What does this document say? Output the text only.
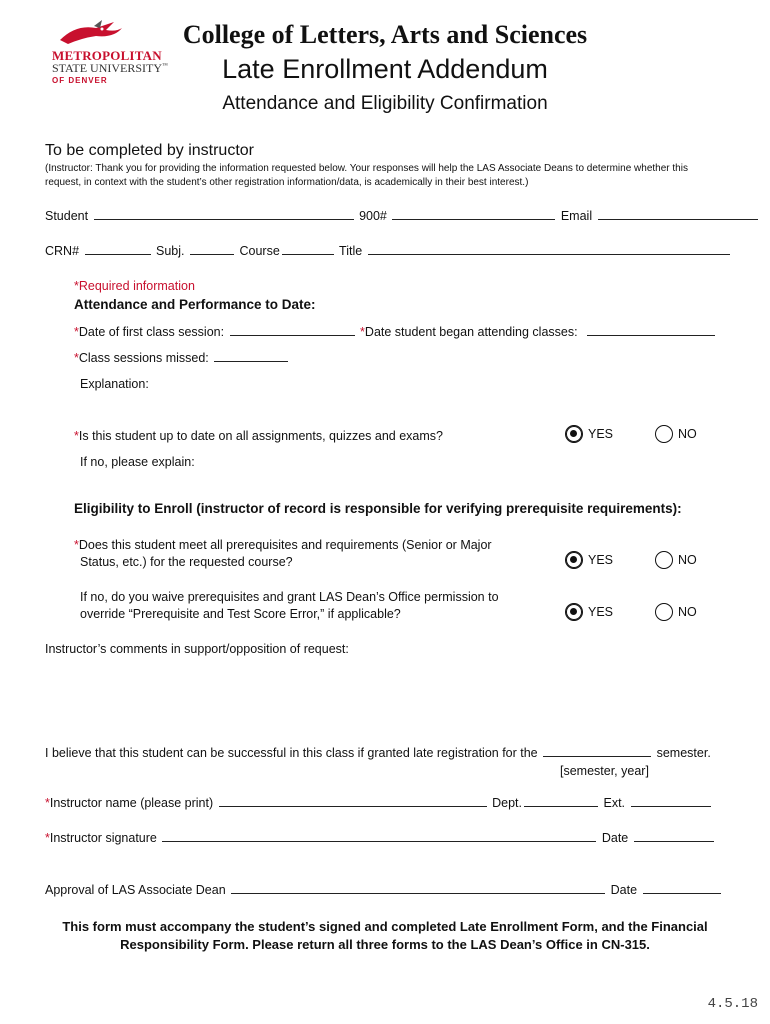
METROPOLITAN
STATE UNIVERSITY™
OF DENVER
College of Letters, Arts and Sciences
Late Enrollment Addendum
Attendance and Eligibility Confirmation
To be completed by instructor
(Instructor: Thank you for providing the information requested below. Your responses will help the LAS Associate Deans to determine whether this
request, in context with the student’s other registration information/data, is academically in their best interest.)
Student	900#	Email
CRN#	Subj.	Course	Title
*Required information
Attendance and Performance to Date:
*Date of first class session:	*Date student began attending classes:
*Class sessions missed:
Explanation:
*Is this student up to date on all assignments, quizzes and exams?	YES	NO
If no, please explain:
Eligibility to Enroll (instructor of record is responsible for verifying prerequisite requirements):
*Does this student meet all prerequisites and requirements (Senior or Major
Status, etc.) for the requested course?	YES	NO
If no, do you waive prerequisites and grant LAS Dean’s Office permission to
override “Prerequisite and Test Score Error,” if applicable?	YES	NO
Instructor’s comments in support/opposition of request:
I believe that this student can be successful in this class if granted late registration for the	semester.
[semester, year]
*Instructor name (please print)	Dept.	Ext.
*Instructor signature	Date
Approval of LAS Associate Dean	Date
This form must accompany the student’s signed and completed Late Enrollment Form, and the Financial
Responsibility Form. Please return all three forms to the LAS Dean’s Office in CN-315.
4.5.18
